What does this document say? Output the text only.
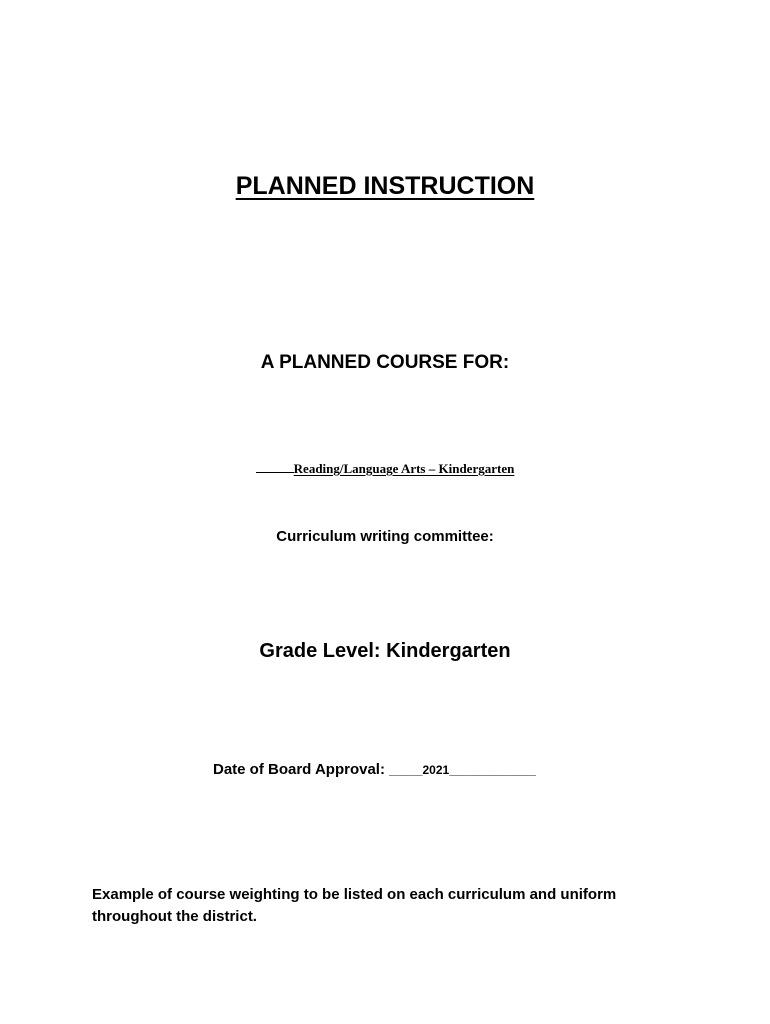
PLANNED INSTRUCTION
A PLANNED COURSE FOR:
Reading/Language Arts – Kindergarten
Curriculum writing committee:
Grade Level: Kindergarten
Date of Board Approval: _____2021_____________
Example of course weighting to be listed on each curriculum and uniform
throughout the district.
